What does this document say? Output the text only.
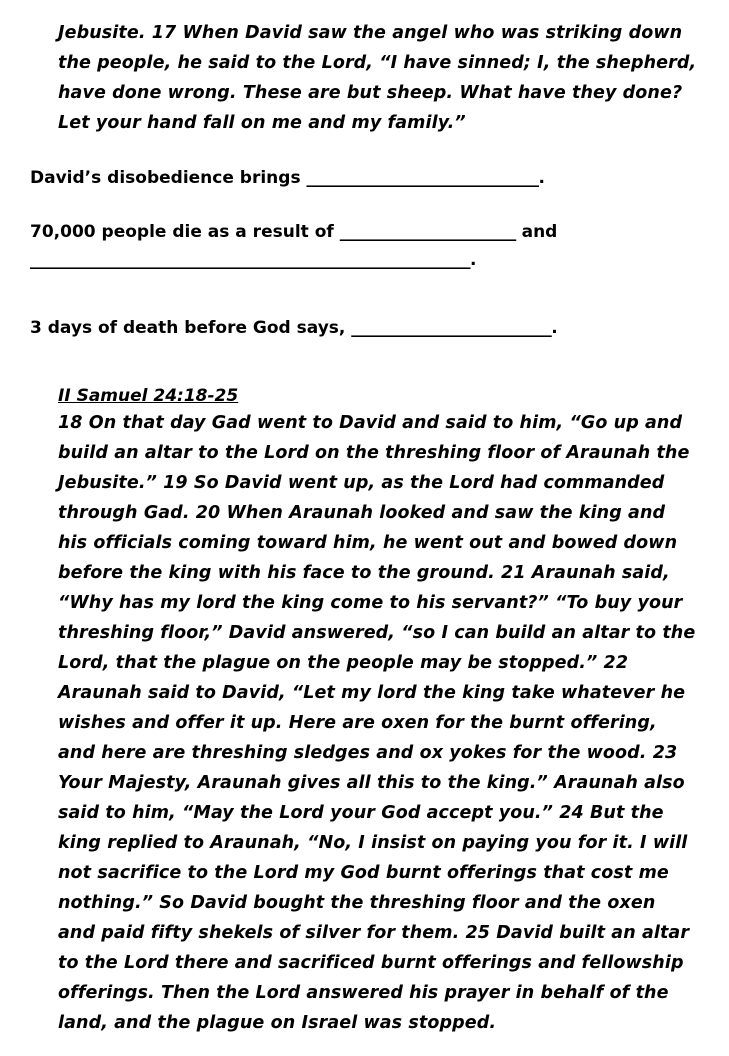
Jebusite. 17 When David saw the angel who was striking down the people, he said to the Lord, “I have sinned; I, the shepherd, have done wrong. These are but sheep. What have they done? Let your hand fall on me and my family.”

David’s disobedience brings _____________________________.

70,000 people die as a result of ______________________ and

_______________________________________________________.

3 days of death before God says, _________________________.

II Samuel 24:18-25

18 On that day Gad went to David and said to him, “Go up and build an altar to the Lord on the threshing floor of Araunah the Jebusite.” 19 So David went up, as the Lord had commanded through Gad. 20 When Araunah looked and saw the king and his officials coming toward him, he went out and bowed down before the king with his face to the ground. 21 Araunah said, “Why has my lord the king come to his servant?” “To buy your threshing floor,” David answered, “so I can build an altar to the Lord, that the plague on the people may be stopped.” 22 Araunah said to David, “Let my lord the king take whatever he wishes and offer it up. Here are oxen for the burnt offering, and here are threshing sledges and ox yokes for the wood. 23 Your Majesty, Araunah gives all this to the king.” Araunah also said to him, “May the Lord your God accept you.” 24 But the king replied to Araunah, “No, I insist on paying you for it. I will not sacrifice to the Lord my God burnt offerings that cost me nothing.” So David bought the threshing floor and the oxen and paid fifty shekels of silver for them. 25 David built an altar to the Lord there and sacrificed burnt offerings and fellowship offerings. Then the Lord answered his prayer in behalf of the land, and the plague on Israel was stopped.
